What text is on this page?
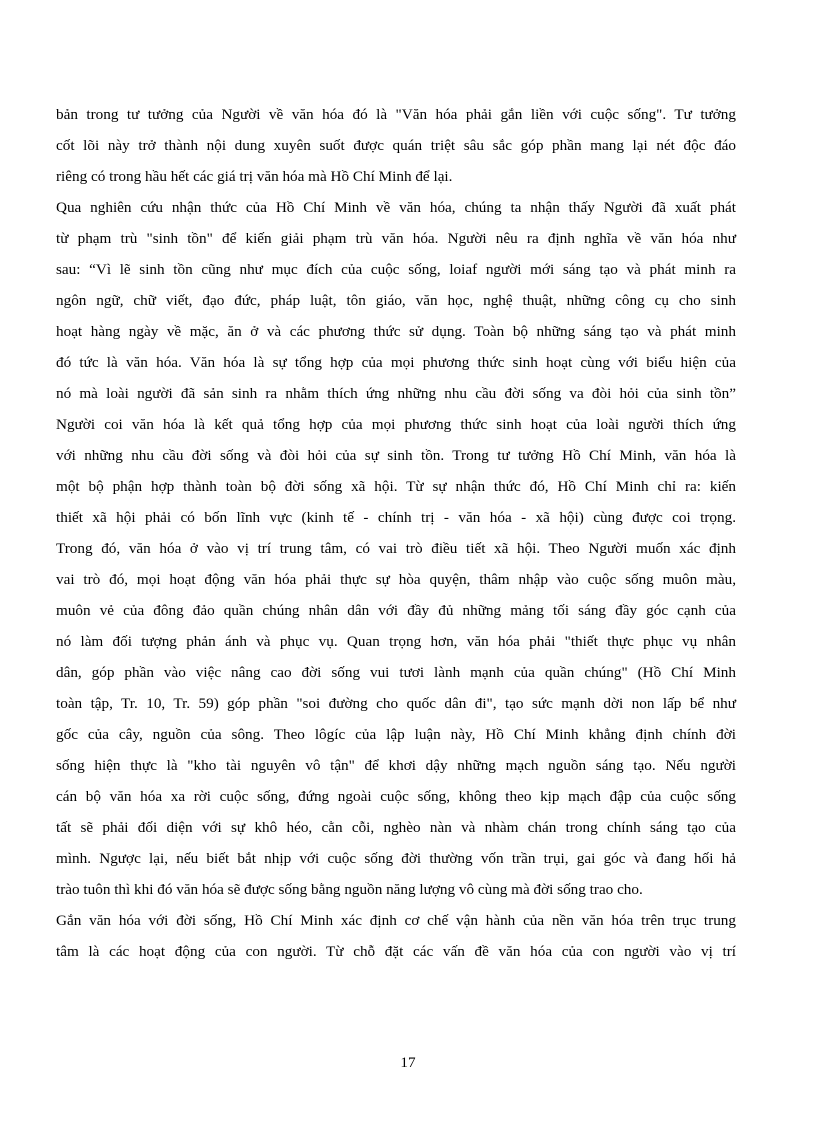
bản trong tư tưởng của Người về văn hóa đó là "Văn hóa phải gắn liền với cuộc sống". Tư tưởng
cốt lõi này trở thành nội dung xuyên suốt được quán triệt sâu sắc góp phần mang lại nét độc đáo
riêng có trong hầu hết các giá trị văn hóa mà Hồ Chí Minh để lại.
Qua nghiên cứu nhận thức của Hồ Chí Minh về văn hóa, chúng ta nhận thấy Người đã xuất phát
từ phạm trù "sinh tồn" để kiến giải phạm trù văn hóa. Người nêu ra định nghĩa về văn hóa như
sau: “Vì lẽ sinh tồn cũng như mục đích của cuộc sống, loiaf người mới sáng tạo và phát minh ra
ngôn ngữ, chữ viết, đạo đức, pháp luật, tôn giáo, văn học, nghệ thuật, những công cụ cho sinh
hoạt hàng ngày về mặc, ăn ở và các phương thức sử dụng. Toàn bộ những sáng tạo và phát minh
đó tức là văn hóa. Văn hóa là sự tổng hợp của mọi phương thức sinh hoạt cùng với biểu hiện của
nó mà loài người đã sản sinh ra nhằm thích ứng những nhu cầu đời sống va đòi hỏi của sinh tồn”
Người coi văn hóa là kết quả tổng hợp của mọi phương thức sinh hoạt của loài người thích ứng
với những nhu cầu đời sống và đòi hỏi của sự sinh tồn. Trong tư tưởng Hồ Chí Minh, văn hóa là
một bộ phận hợp thành toàn bộ đời sống xã hội. Từ sự nhận thức đó, Hồ Chí Minh chỉ ra: kiến
thiết xã hội phải có bốn lĩnh vực (kinh tế - chính trị - văn hóa - xã hội) cùng được coi trọng.
Trong đó, văn hóa ở vào vị trí trung tâm, có vai trò điều tiết xã hội. Theo Người muốn xác định
vai trò đó, mọi hoạt động văn hóa phải thực sự hòa quyện, thâm nhập vào cuộc sống muôn màu,
muôn vẻ của đông đảo quần chúng nhân dân với đầy đủ những mảng tối sáng đầy góc cạnh của
nó làm đối tượng phản ánh và phục vụ. Quan trọng hơn, văn hóa phải "thiết thực phục vụ nhân
dân, góp phần vào việc nâng cao đời sống vui tươi lành mạnh của quần chúng" (Hồ Chí Minh
toàn tập, Tr. 10, Tr. 59) góp phần "soi đường cho quốc dân đi", tạo sức mạnh dời non lấp bể như
gốc của cây, nguồn của sông. Theo lôgíc của lập luận này, Hồ Chí Minh khẳng định chính đời
sống hiện thực là "kho tài nguyên vô tận" để khơi dậy những mạch nguồn sáng tạo. Nếu người
cán bộ văn hóa xa rời cuộc sống, đứng ngoài cuộc sống, không theo kịp mạch đập của cuộc sống
tất sẽ phải đối diện với sự khô héo, cằn cỗi, nghèo nàn và nhàm chán trong chính sáng tạo của
mình. Ngược lại, nếu biết bắt nhịp với cuộc sống đời thường vốn trần trụi, gai góc và đang hối hả
trào tuôn thì khi đó văn hóa sẽ được sống bằng nguồn năng lượng vô cùng mà đời sống trao cho.
Gắn văn hóa với đời sống, Hồ Chí Minh xác định cơ chế vận hành của nền văn hóa trên trục trung
tâm là các hoạt động của con người. Từ chỗ đặt các vấn đề văn hóa của con người vào vị trí
17
